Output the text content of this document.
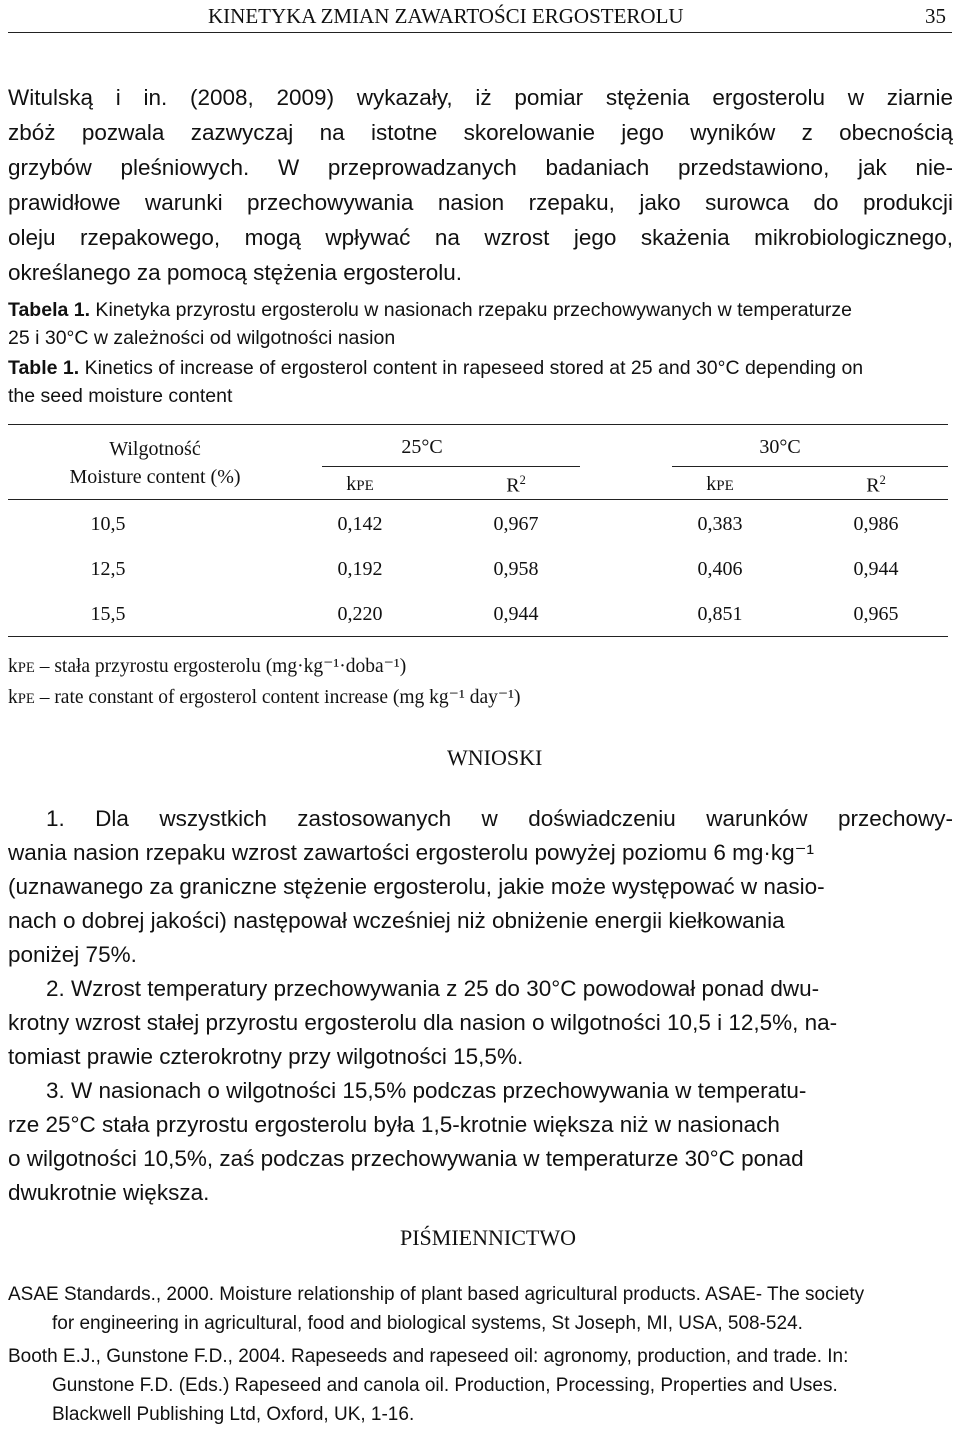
KINETYKA ZMIAN ZAWARTOŚCI ERGOSTEROLU	35
Witulską i in. (2008, 2009) wykazały, iż pomiar stężenia ergosterolu w ziarnie
zbóż pozwala zazwyczaj na istotne skorelowanie jego wyników z obecnością
grzybów pleśniowych. W przeprowadzanych badaniach przedstawiono, jak nie-
prawidłowe warunki przechowywania nasion rzepaku, jako surowca do produkcji
oleju rzepakowego, mogą wpływać na wzrost jego skażenia mikrobiologicznego,
określanego za pomocą stężenia ergosterolu.
Tabela 1. Kinetyka przyrostu ergosterolu w nasionach rzepaku przechowywanych w temperaturze
25 i 30°C w zależności od wilgotności nasion
Table 1. Kinetics of increase of ergosterol content in rapeseed stored at 25 and 30°C depending on
the seed moisture content
Wilgotność
Moisture content (%)
25°C	30°C
kPE	$R^2$	kPE	$R^2$
10,5	0,142	0,967	0,383	0,986
12,5	0,192	0,958	0,406	0,944
15,5	0,220	0,944	0,851	0,965
kPE – stała przyrostu ergosterolu (mg·kg⁻¹·doba⁻¹)
kPE – rate constant of ergosterol content increase (mg kg⁻¹ day⁻¹)
WNIOSKI
1. Dla wszystkich zastosowanych w doświadczeniu warunków przechowy-
wania nasion rzepaku wzrost zawartości ergosterolu powyżej poziomu 6 mg·kg⁻¹
(uznawanego za graniczne stężenie ergosterolu, jakie może występować w nasio-
nach o dobrej jakości) następował wcześniej niż obniżenie energii kiełkowania
poniżej 75%.
2. Wzrost temperatury przechowywania z 25 do 30°C powodował ponad dwu-
krotny wzrost stałej przyrostu ergosterolu dla nasion o wilgotności 10,5 i 12,5%, na-
tomiast prawie czterokrotny przy wilgotności 15,5%.
3. W nasionach o wilgotności 15,5% podczas przechowywania w temperatu-
rze 25°C stała przyrostu ergosterolu była 1,5-krotnie większa niż w nasionach
o wilgotności 10,5%, zaś podczas przechowywania w temperaturze 30°C ponad
dwukrotnie większa.
PIŚMIENNICTWO
ASAE Standards., 2000. Moisture relationship of plant based agricultural products. ASAE- The society
for engineering in agricultural, food and biological systems, St Joseph, MI, USA, 508-524.
Booth E.J., Gunstone F.D., 2004. Rapeseeds and rapeseed oil: agronomy, production, and trade. In:
Gunstone F.D. (Eds.) Rapeseed and canola oil. Production, Processing, Properties and Uses.
Blackwell Publishing Ltd, Oxford, UK, 1-16.
